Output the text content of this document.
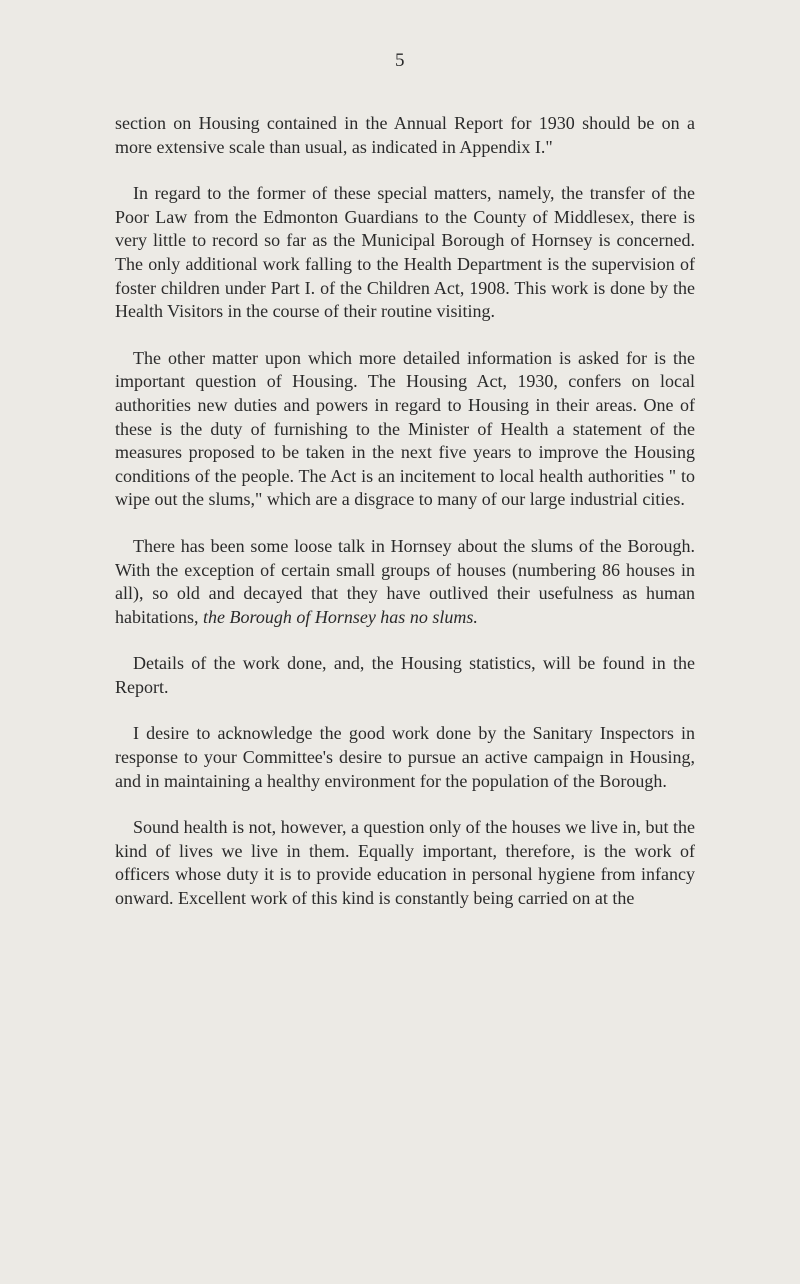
5

section on Housing contained in the Annual Report for 1930 should be on a more extensive scale than usual, as indicated in Appendix I."

In regard to the former of these special matters, namely, the transfer of the Poor Law from the Edmonton Guardians to the County of Middlesex, there is very little to record so far as the Municipal Borough of Hornsey is concerned. The only additional work falling to the Health Department is the supervision of foster children under Part I. of the Children Act, 1908. This work is done by the Health Visitors in the course of their routine visiting.

The other matter upon which more detailed information is asked for is the important question of Housing. The Housing Act, 1930, confers on local authorities new duties and powers in regard to Housing in their areas. One of these is the duty of furnishing to the Minister of Health a statement of the measures proposed to be taken in the next five years to improve the Housing conditions of the people. The Act is an incitement to local health authorities " to wipe out the slums," which are a disgrace to many of our large industrial cities.

There has been some loose talk in Hornsey about the slums of the Borough. With the exception of certain small groups of houses (numbering 86 houses in all), so old and decayed that they have outlived their usefulness as human habitations, the Borough of Hornsey has no slums.

Details of the work done, and, the Housing statistics, will be found in the Report.

I desire to acknowledge the good work done by the Sanitary Inspectors in response to your Committee's desire to pursue an active campaign in Housing, and in maintaining a healthy environment for the population of the Borough.

Sound health is not, however, a question only of the houses we live in, but the kind of lives we live in them. Equally important, therefore, is the work of officers whose duty it is to provide education in personal hygiene from infancy onward. Excellent work of this kind is constantly being carried on at the
